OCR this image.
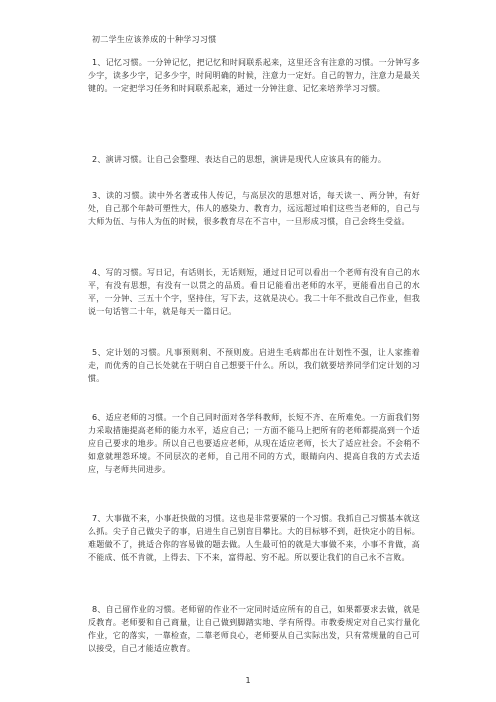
初二学生应该养成的十种学习习惯
1、记忆习惯。一分钟记忆，把记忆和时间联系起来，这里还含有注意的习惯。一分钟写多少字，读多少字，记多少字，时间明确的时候，注意力一定好。自己的智力，注意力是最关键的。一定把学习任务和时间联系起来，通过一分钟注意、记忆来培养学习习惯。
2、演讲习惯。让自己会整理、表达自己的思想，演讲是现代人应该具有的能力。
3、读的习惯。读中外名著或伟人传记，与高层次的思想对话，每天读一、两分钟，有好处，自己那个年龄可塑性大，伟人的感染力、教育力，远远超过咱们这些当老师的，自己与大师为伍、与伟人为伍的时候，很多教育尽在不言中，一旦形成习惯，自己会终生受益。
4、写的习惯。写日记，有话则长，无话则短，通过日记可以看出一个老师有没有自己的水平，有没有思想，有没有一以贯之的品质。看日记能看出老师的水平，更能看出自己的水平，一分钟、三五十个字，坚持住，写下去，这就是决心。我二十年不批改自己作业，但我说一句话管二十年，就是每天一篇日记。
5、定计划的习惯。凡事预则利、不预则废。启进生毛病都出在计划性不强，让人家推着走，而优秀的自己长处就在于明白自己想要干什么。所以，我们就要培养同学们定计划的习惯。
6、适应老师的习惯。一个自己同时面对各学科教师，长短不齐、在所难免。一方面我们努力采取措施提高老师的能力水平，适应自己；一方面不能马上把所有的老师都提高到一个适应自己要求的地步。所以自己也要适应老师，从现在适应老师，长大了适应社会。不会稍不如意就埋怨环境。不同层次的老师，自己用不同的方式，眼睛向内、提高自我的方式去适应，与老师共同进步。
7、大事做不来，小事赶快做的习惯。这也是非常要紧的一个习惯。我抓自己习惯基本就这么抓。尖子自己做尖子的事，启进生自己别盲目攀比。大的目标够不到，赶快定小的目标。难题做不了，挑适合你的容易做的题去做。人生最可怕的就是大事做不来，小事不肯做，高不能成、低不肯就，上得去、下不来，富得起、穷不起。所以要让我们的自己永不言败。
8、自己留作业的习惯。老师留的作业不一定同时适应所有的自己，如果都要求去做，就是反教育。老师要和自己商量，让自己做到脚踏实地、学有所得。市教委规定对自己实行量化作业，它的落实，一靠检查，二靠老师良心，老师要从自己实际出发，只有常规量的自己可以接受，自己才能适应教育。
1
